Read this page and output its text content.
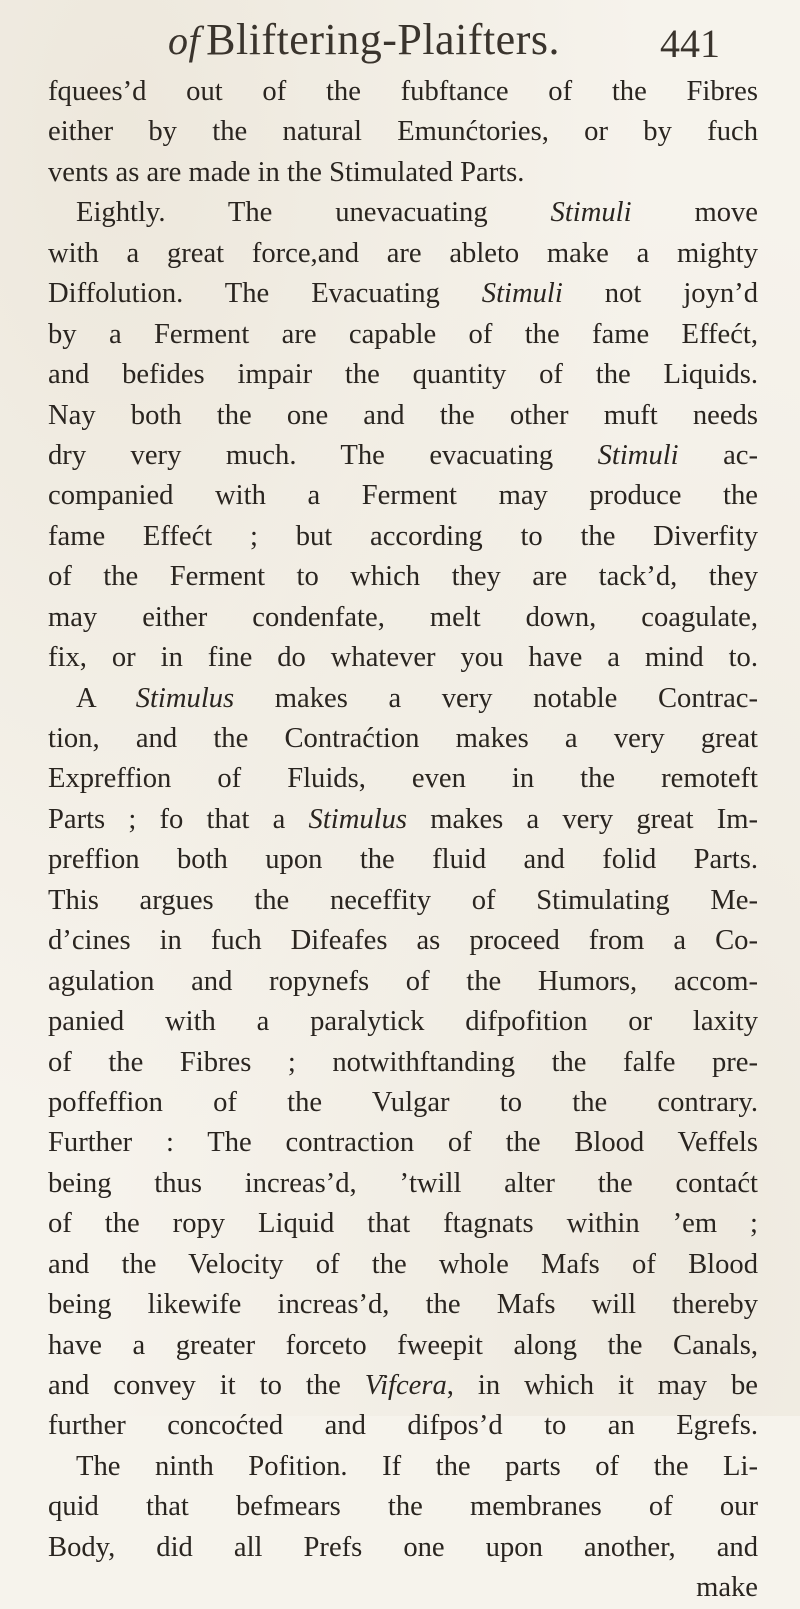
of Bliftering-Plaifters.	441
fqueesʼd out of the fubftance of the Fibres
either by the natural Emunćtories, or by fuch
vents as are made in the Stimulated Parts.
Eightly. The unevacuating Stimuli move
with a great force,and are ableto make a mighty
Diffolution. The Evacuating Stimuli not joynʼd
by a Ferment are capable of the fame Effećt,
and befides impair the quantity of the Liquids.
Nay both the one and the other muft needs
dry very much. The evacuating Stimuli ac-
companied with a Ferment may produce the
fame Effećt ; but according to the Diverfity
of the Ferment to which they are tackʼd, they
may either condenfate, melt down, coagulate,
fix, or in fine do whatever you have a mind to.
A Stimulus makes a very notable Contrac-
tion, and the Contraćtion makes a very great
Expreffion of Fluids, even in the remoteft
Parts ; fo that a Stimulus makes a very great Im-
preffion both upon the fluid and folid Parts.
This argues the neceffity of Stimulating Me-
dʼcines in fuch Difeafes as proceed from a Co-
agulation and ropynefs of the Humors, accom-
panied with a paralytick difpofition or laxity
of the Fibres ; notwithftanding the falfe pre-
poffeffion of the Vulgar to the contrary.
Further : The contraction of the Blood Veffels
being thus increasʼd, ʼtwill alter the contaćt
of the ropy Liquid that ftagnats within ʼem ;
and the Velocity of the whole Mafs of Blood
being likewife increasʼd, the Mafs will thereby
have a greater forceto fweepit along the Canals,
and convey it to the Vifcera, in which it may be
further concoćted and difposʼd to an Egrefs.
The ninth Pofition. If the parts of the Li-
quid that befmears the membranes of our
Body, did all Prefs one upon another, and
make
